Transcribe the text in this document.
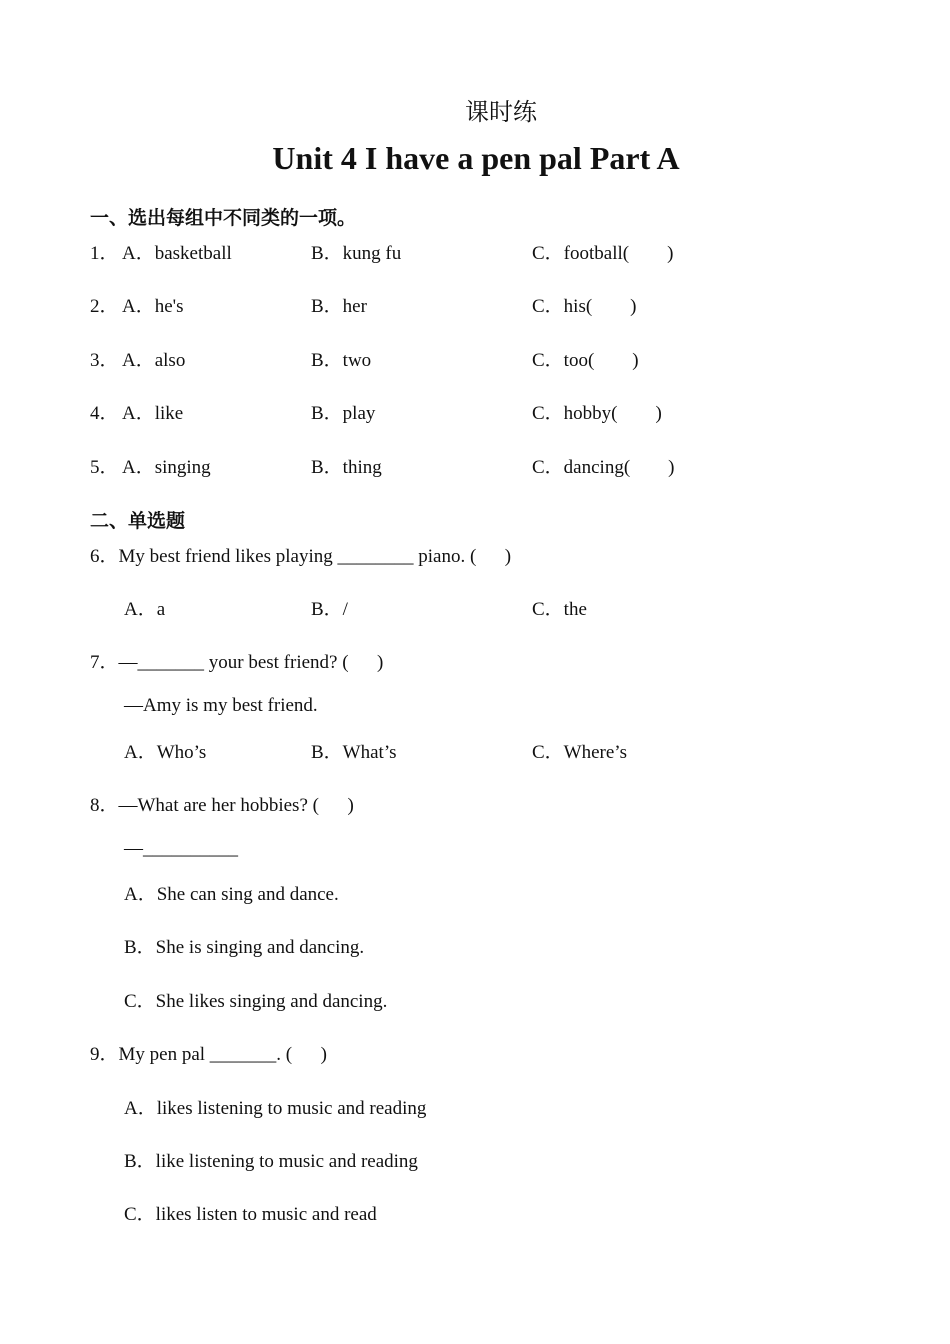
课时练
Unit 4 I have a pen pal Part A
一、选出每组中不同类的一项。
1． A．basketball	B．kung fu	C．football(        )
2． A．he's	B．her	C．his(        )
3． A．also	B．two	C．too(        )
4． A．like	B．play	C．hobby(        )
5． A．singing	B．thing	C．dancing(        )
二、单选题
6．My best friend likes playing ________ piano. (      )
A．a	B．/	C．the
7．—_______ your best friend? (      )
—Amy is my best friend.
A．Who’s	B．What’s	C．Where’s
8．—What are her hobbies? (      )
—__________
A．She can sing and dance.
B．She is singing and dancing.
C．She likes singing and dancing.
9．My pen pal _______. (      )
A．likes listening to music and reading
B．like listening to music and reading
C．likes listen to music and read
